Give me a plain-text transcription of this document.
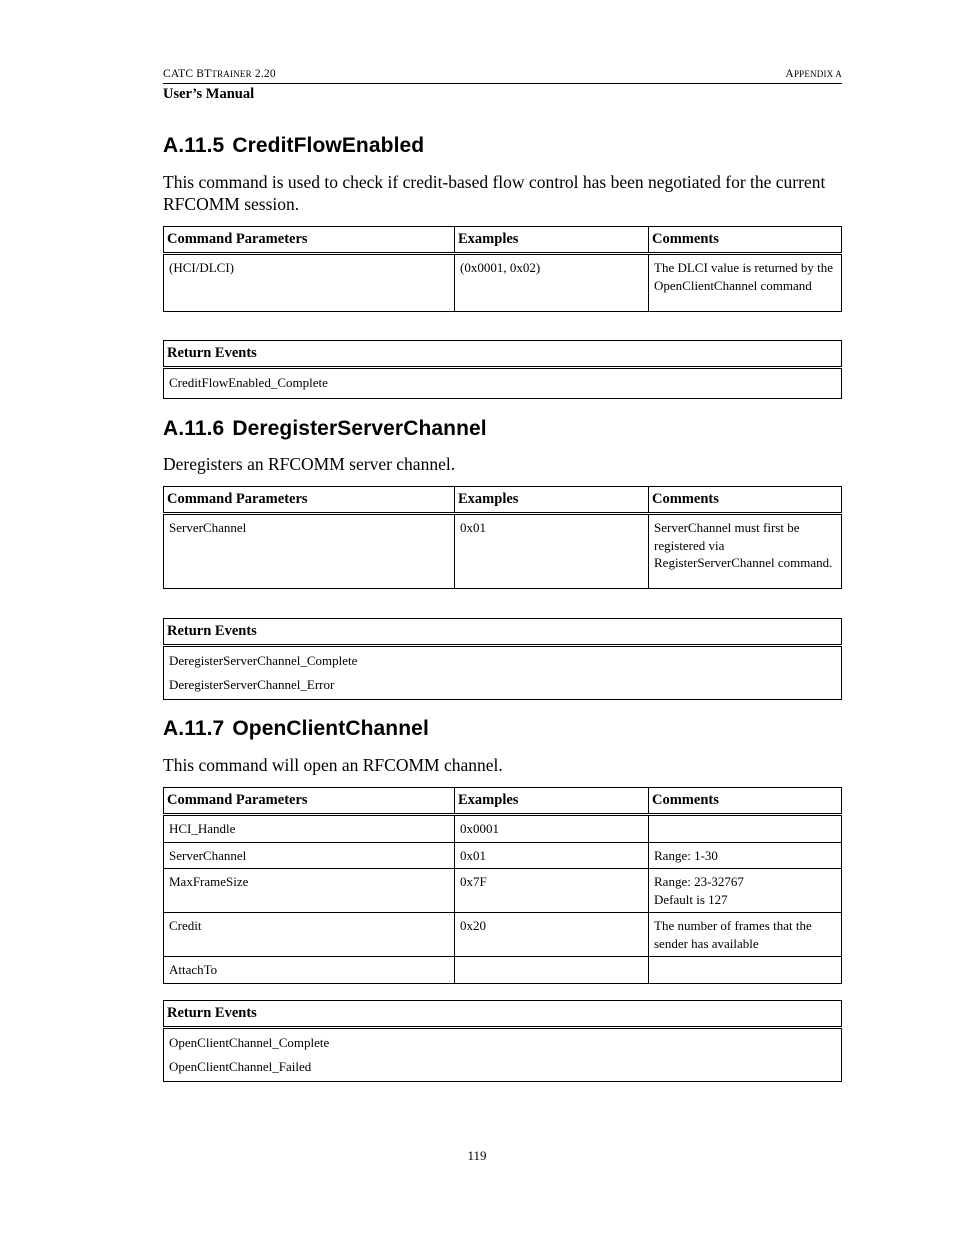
CATC BTTRAINER 2.20	APPENDIX A
User’s Manual
A.11.5 CreditFlowEnabled

This command is used to check if credit-based flow control has been negotiated for the current RFCOMM session.

Command Parameters	Examples	Comments
(HCI/DLCI)	(0x0001, 0x02)	The DLCI value is returned by the OpenClientChannel command
Return Events

CreditFlowEnabled_Complete
A.11.6 DeregisterServerChannel

Deregisters an RFCOMM server channel.

Command Parameters	Examples	Comments
ServerChannel	0x01	ServerChannel must first be registered via RegisterServerChannel command.
Return Events

DeregisterServerChannel_Complete
DeregisterServerChannel_Error
A.11.7 OpenClientChannel

This command will open an RFCOMM channel.

Command Parameters	Examples	Comments
HCI_Handle	0x0001	
ServerChannel	0x01	Range: 1-30
MaxFrameSize	0x7F	Range: 23-32767
Default is 127
Credit	0x20	The number of frames that the sender has available
AttachTo		
Return Events

OpenClientChannel_Complete
OpenClientChannel_Failed
119
